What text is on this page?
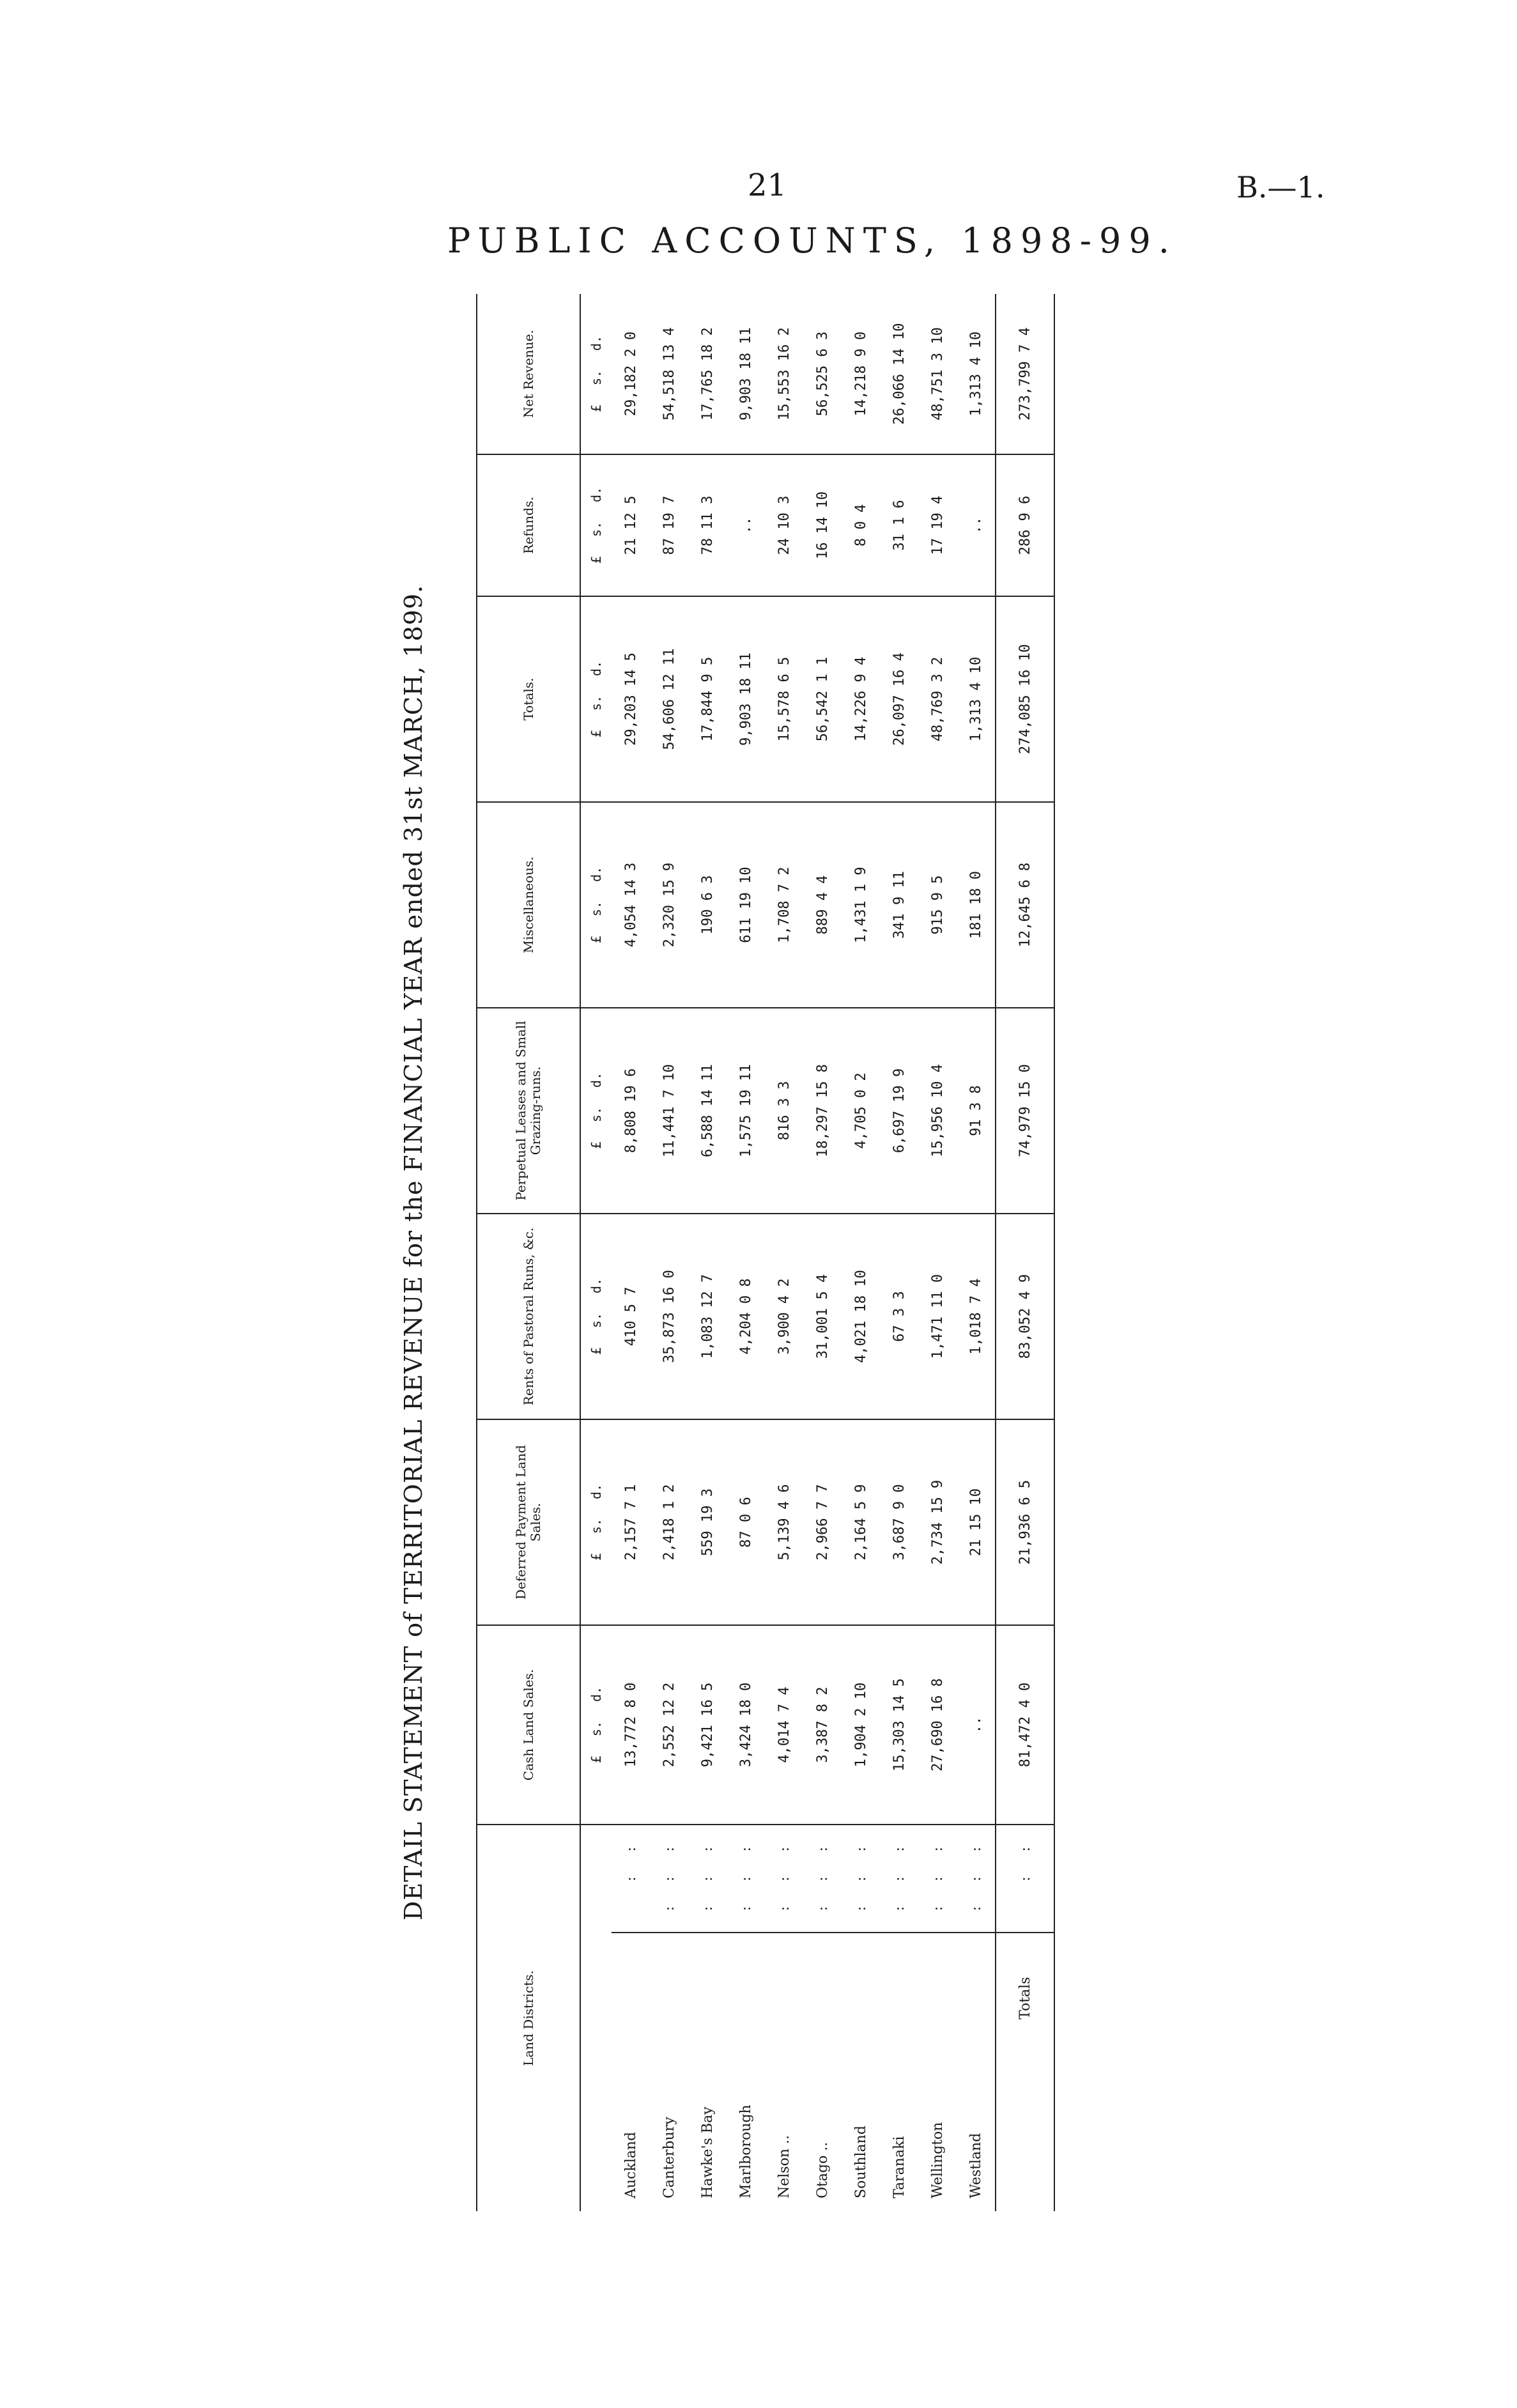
21	B.—1.
PUBLIC ACCOUNTS, 1898-99.
DETAIL STATEMENT of TERRITORIAL REVENUE for the FINANCIAL YEAR ended 31st MARCH, 1899.
Land Districts.		Cash Land Sales.	Deferred Payment Land Sales.	Rents of Pastoral Runs, &c.	Perpetual Leases and Small Grazing-runs.	Miscellaneous.	Totals.	Refunds.	Net Revenue.
		£ s. d.	£ s. d.	£ s. d.	£ s. d.	£ s. d.	£ s. d.	£ s. d.	£ s. d.
Auckland	: :	13,772 8 0	2,157 7 1	410 5 7	8,808 19 6	4,054 14 3	29,203 14 5	21 12 5	29,182 2 0
Canterbury	: : :	2,552 12 2	2,418 1 2	35,873 16 0	11,441 7 10	2,320 15 9	54,606 12 11	87 19 7	54,518 13 4
Hawke's Bay	: : :	9,421 16 5	559 19 3	1,083 12 7	6,588 14 11	190 6 3	17,844 9 5	78 11 3	17,765 18 2
Marlborough	: : :	3,424 18 0	87 0 6	4,204 0 8	1,575 19 11	611 19 10	9,903 18 11	..	9,903 18 11
Nelson ..	: : :	4,014 7 4	5,139 4 6	3,900 4 2	816 3 3	1,708 7 2	15,578 6 5	24 10 3	15,553 16 2
Otago ..	: : :	3,387 8 2	2,966 7 7	31,001 5 4	18,297 15 8	889 4 4	56,542 1 1	16 14 10	56,525 6 3
Southland	: : :	1,904 2 10	2,164 5 9	4,021 18 10	4,705 0 2	1,431 1 9	14,226 9 4	8 0 4	14,218 9 0
Taranaki	: : :	15,303 14 5	3,687 9 0	67 3 3	6,697 19 9	341 9 11	26,097 16 4	31 1 6	26,066 14 10
Wellington	: : :	27,690 16 8	2,734 15 9	1,471 11 0	15,956 10 4	915 9 5	48,769 3 2	17 19 4	48,751 3 10
Westland	: : :	..	21 15 10	1,018 7 4	91 3 8	181 18 0	1,313 4 10	..	1,313 4 10
Totals	: :	81,472 4 0	21,936 6 5	83,052 4 9	74,979 15 0	12,645 6 8	274,085 16 10	286 9 6	273,799 7 4
